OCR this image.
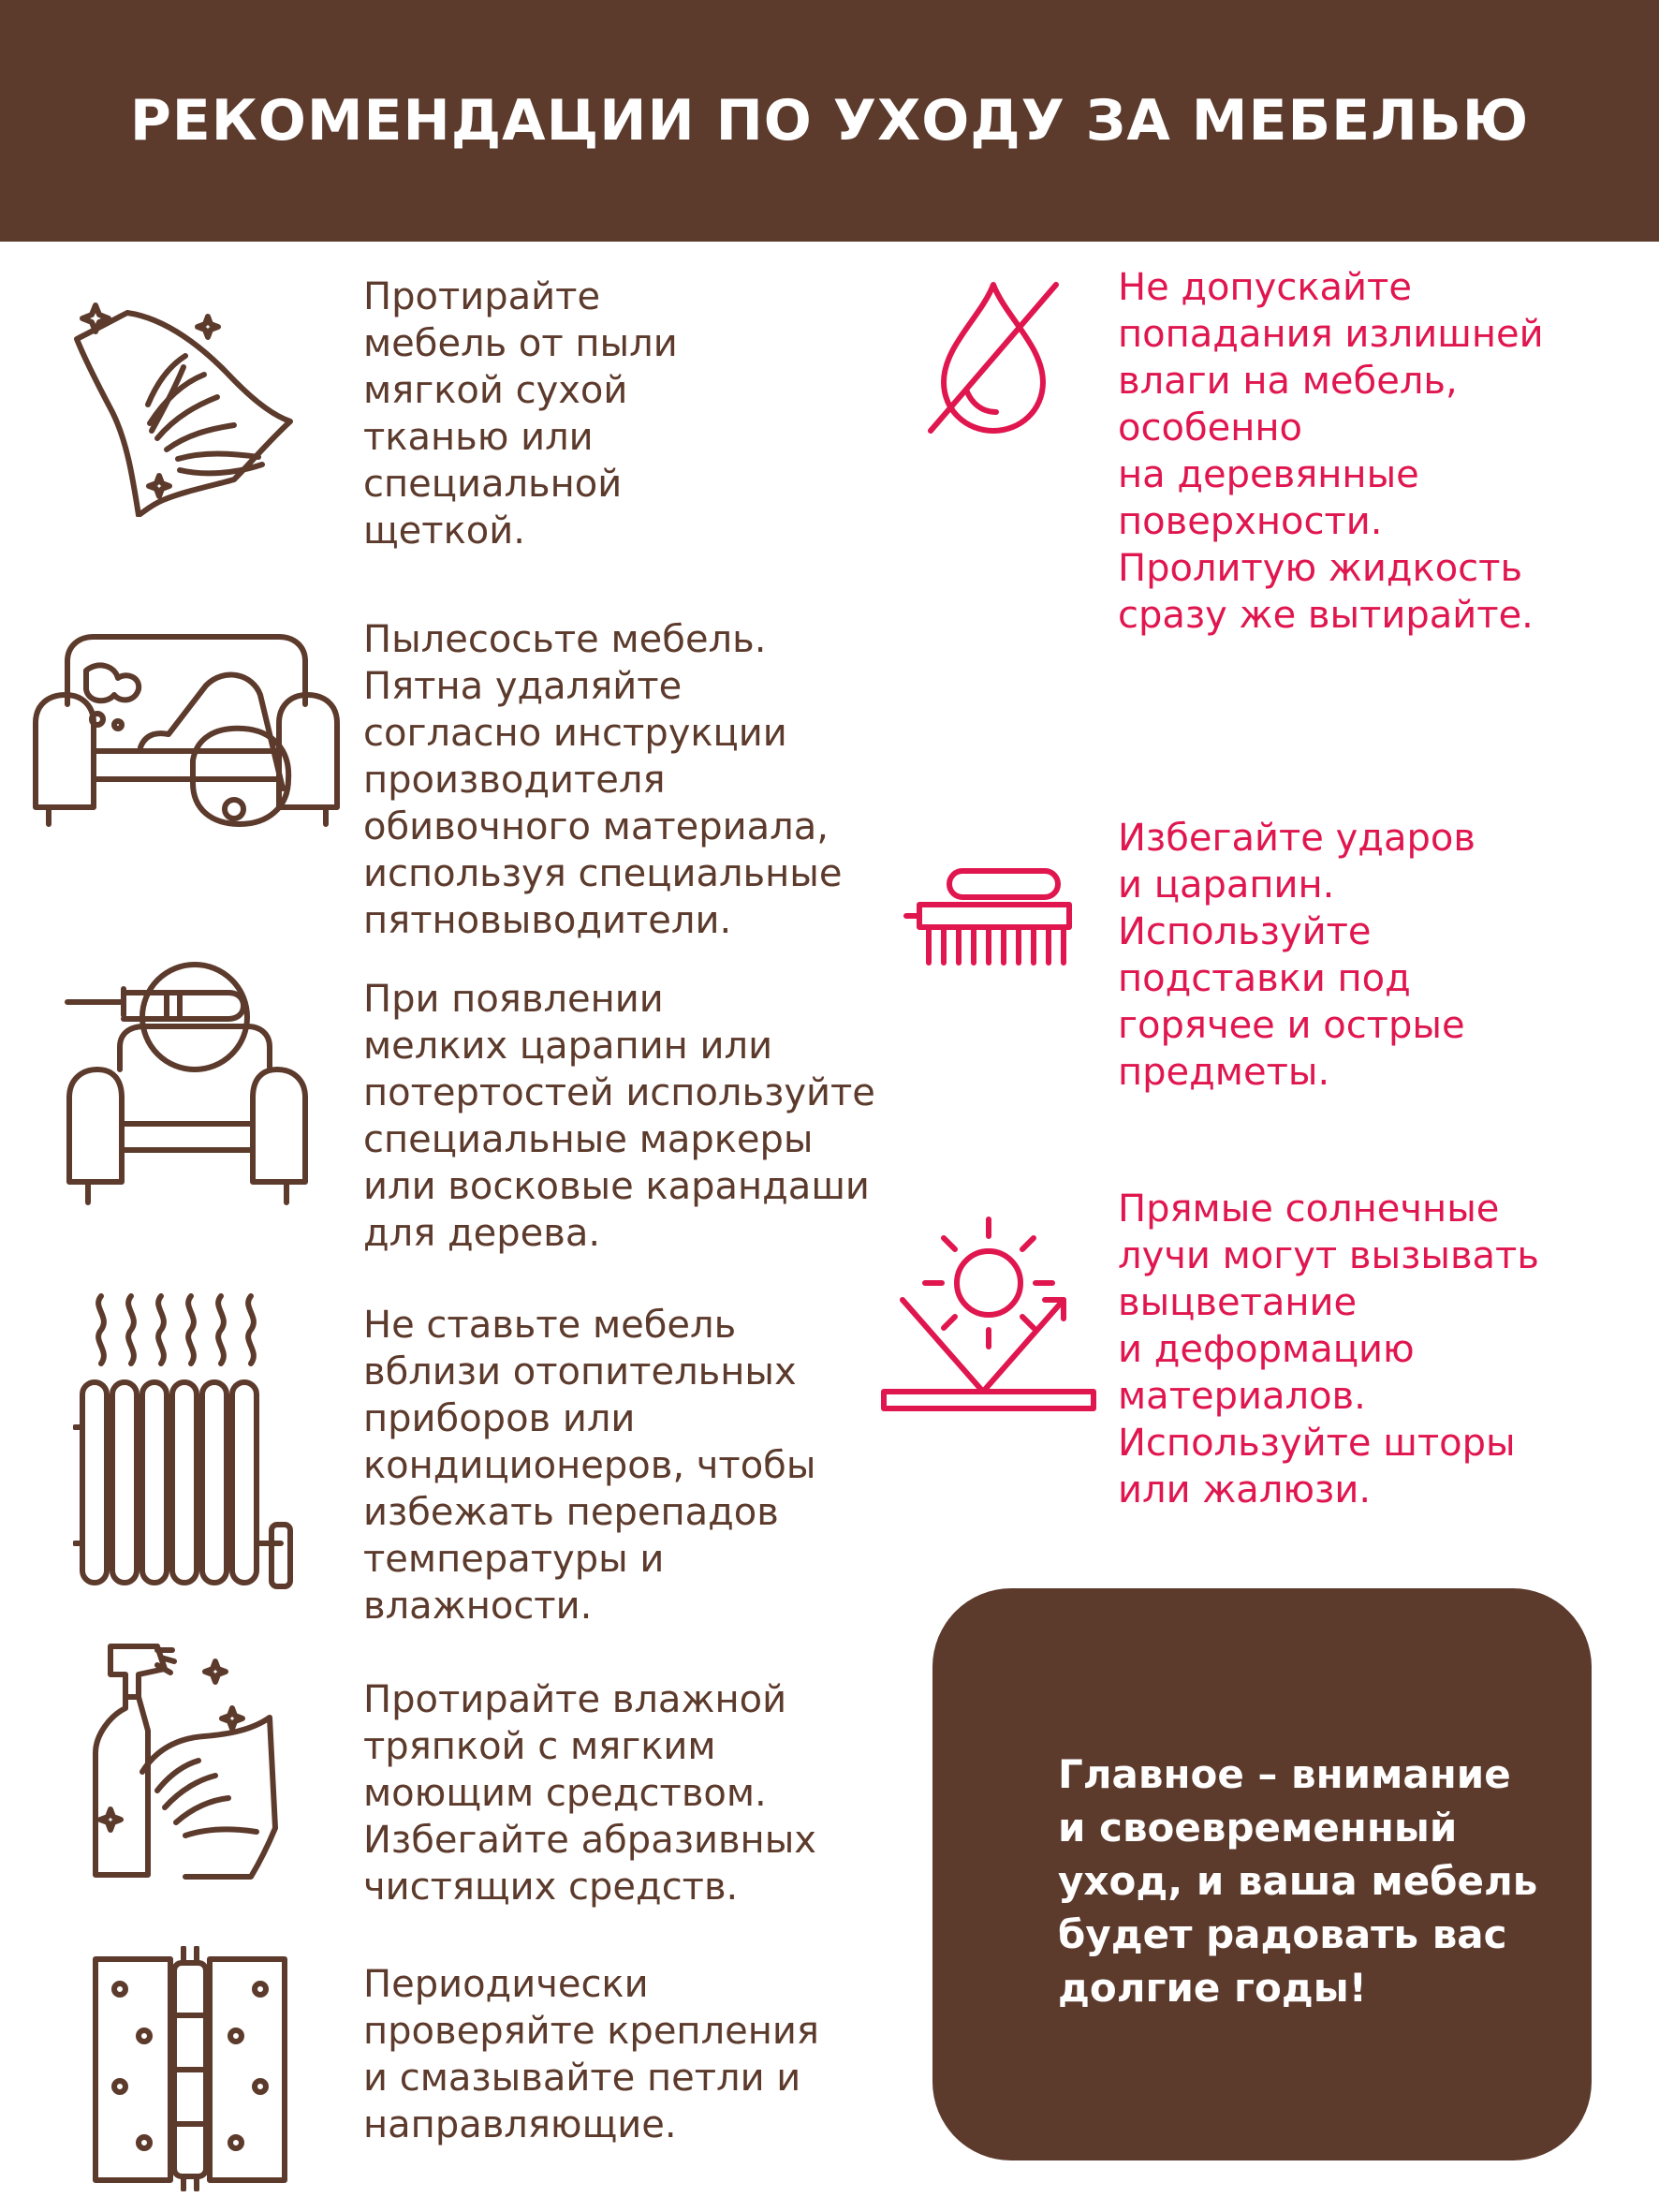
РЕКОМЕНДАЦИИ ПО УХОДУ ЗА МЕБЕЛЬЮ

Протирайте
мебель от пыли
мягкой сухой
тканью или
специальной
щеткой.

Пылесосьте мебель.
Пятна удаляйте
согласно инструкции
производителя
обивочного материала,
используя специальные
пятновыводители.

При появлении
мелких царапин или
потертостей используйте
специальные маркеры
или восковые карандаши
для дерева.

Не ставьте мебель
вблизи отопительных
приборов или
кондиционеров, чтобы
избежать перепадов
температуры и
влажности.

Протирайте влажной
тряпкой с мягким
моющим средством.
Избегайте абразивных
чистящих средств.

Периодически
проверяйте крепления
и смазывайте петли и
направляющие.

Не допускайте
попадания излишней
влаги на мебель,
особенно
на деревянные
поверхности.
Пролитую жидкость
сразу же вытирайте.

Избегайте ударов
и царапин.
Используйте
подставки под
горячее и острые
предметы.

Прямые солнечные
лучи могут вызывать
выцветание
и деформацию
материалов.
Используйте шторы
или жалюзи.

Главное – внимание
и своевременный
уход, и ваша мебель
будет радовать вас
долгие годы!
